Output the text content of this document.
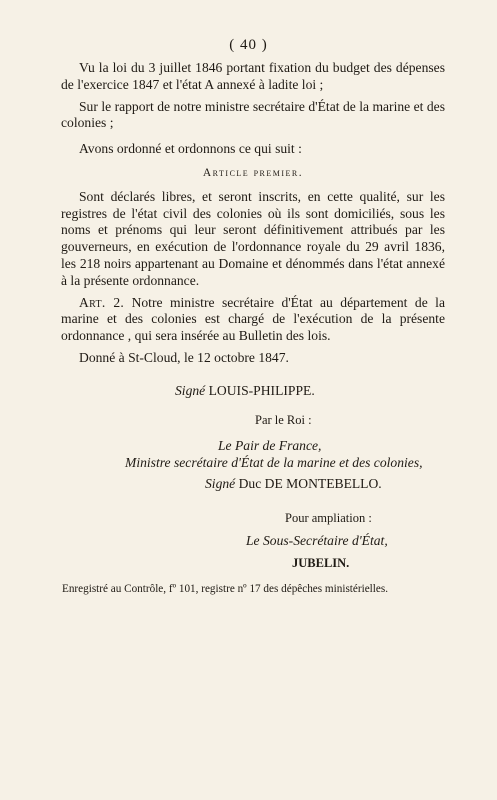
( 40 )

Vu la loi du 3 juillet 1846 portant fixation du budget des dépenses de l'exercice 1847 et l'état A annexé à ladite loi ;

Sur le rapport de notre ministre secrétaire d'État de la marine et des colonies ;

Avons ordonné et ordonnons ce qui suit :

Article premier.

Sont déclarés libres, et seront inscrits, en cette qualité, sur les registres de l'état civil des colonies où ils sont domiciliés, sous les noms et prénoms qui leur seront définitivement attribués par les gouverneurs, en exécution de l'ordonnance royale du 29 avril 1836, les 218 noirs appartenant au Domaine et dénommés dans l'état annexé à la présente ordonnance.

Art. 2. Notre ministre secrétaire d'État au département de la marine et des colonies est chargé de l'exécution de la présente ordonnance , qui sera insérée au Bulletin des lois.

Donné à St-Cloud, le 12 octobre 1847.

Signé LOUIS-PHILIPPE.
Par le Roi :
Le Pair de France,
Ministre secrétaire d'État de la marine et des colonies,
Signé Duc DE MONTEBELLO.
Pour ampliation :
Le Sous-Secrétaire d'État,
JUBELIN.
Enregistré au Contrôle, fº 101, registre nº 17 des dépêches ministérielles.
